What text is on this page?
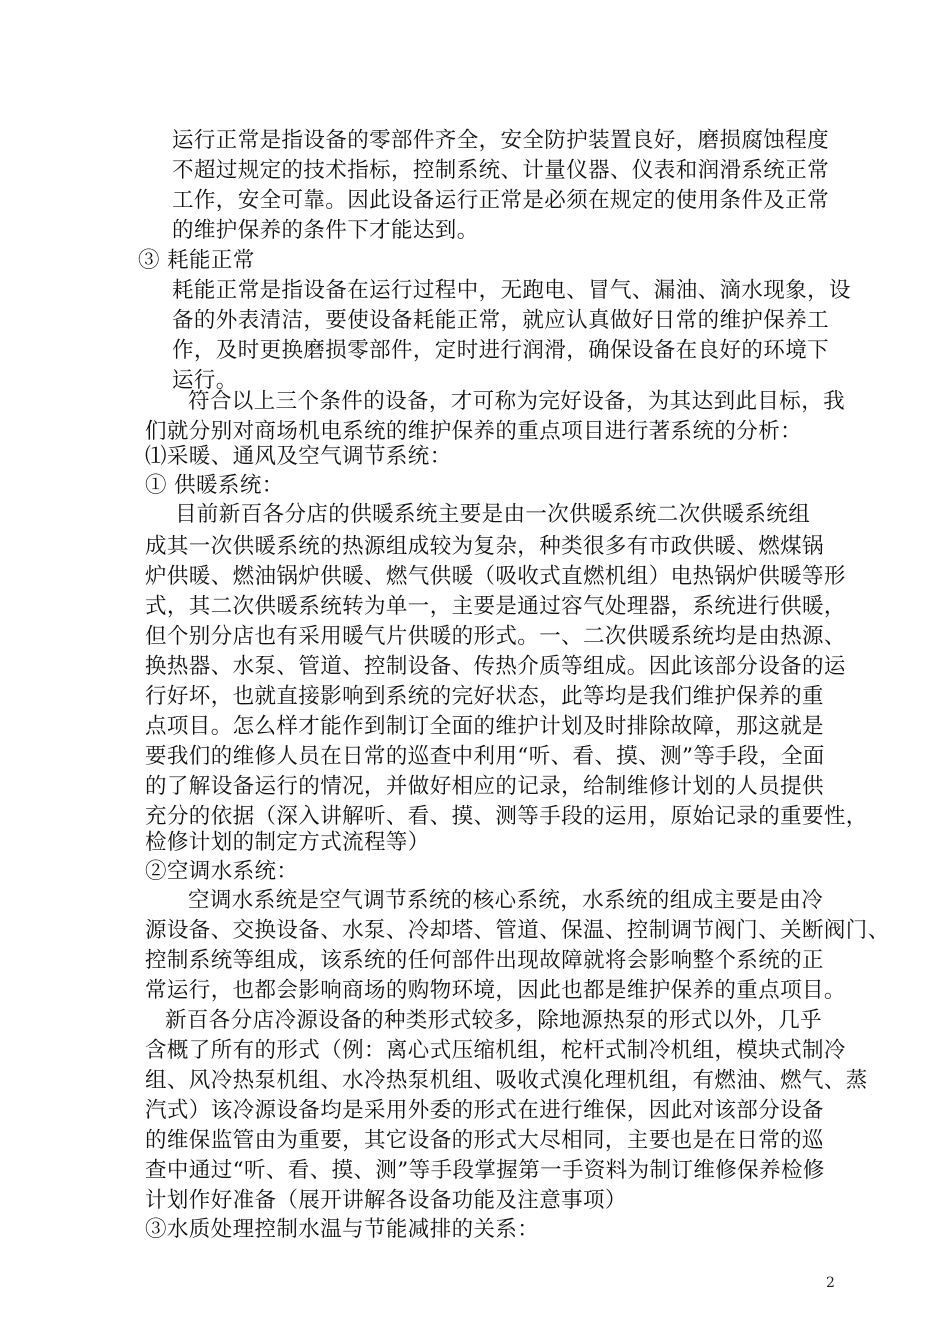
运行正常是指设备的零部件齐全，安全防护装置良好，磨损腐蚀程度
不超过规定的技术指标，控制系统、计量仪器、仪表和润滑系统正常
工作，安全可靠。因此设备运行正常是必须在规定的使用条件及正常
的维护保养的条件下才能达到。
③ 耗能正常
耗能正常是指设备在运行过程中，无跑电、冒气、漏油、滴水现象，设
备的外表清洁，要使设备耗能正常，就应认真做好日常的维护保养工
作，及时更换磨损零部件，定时进行润滑，确保设备在良好的环境下
运行。
符合以上三个条件的设备，才可称为完好设备，为其达到此目标，我
们就分别对商场机电系统的维护保养的重点项目进行著系统的分析：
⑴采暖、通风及空气调节系统：
① 供暖系统：
目前新百各分店的供暖系统主要是由一次供暖系统二次供暖系统组
成其一次供暖系统的热源组成较为复杂，种类很多有市政供暖、燃煤锅
炉供暖、燃油锅炉供暖、燃气供暖（吸收式直燃机组）电热锅炉供暖等形
式，其二次供暖系统转为单一，主要是通过容气处理器，系统进行供暖，
但个别分店也有采用暖气片供暖的形式。一、二次供暖系统均是由热源、
换热器、水泵、管道、控制设备、传热介质等组成。因此该部分设备的运
行好坏，也就直接影响到系统的完好状态，此等均是我们维护保养的重
点项目。怎么样才能作到制订全面的维护计划及时排除故障，那这就是
要我们的维修人员在日常的巡查中利用“听、看、摸、测”等手段，全面
的了解设备运行的情况，并做好相应的记录，给制维修计划的人员提供
充分的依据（深入讲解听、看、摸、测等手段的运用，原始记录的重要性，
检修计划的制定方式流程等）
②空调水系统：
空调水系统是空气调节系统的核心系统，水系统的组成主要是由冷
源设备、交换设备、水泵、冷却塔、管道、保温、控制调节阀门、关断阀门、
控制系统等组成，该系统的任何部件出现故障就将会影响整个系统的正
常运行，也都会影响商场的购物环境，因此也都是维护保养的重点项目。
新百各分店冷源设备的种类形式较多，除地源热泵的形式以外，几乎
含概了所有的形式（例：离心式压缩机组，柁杆式制冷机组，模块式制冷
组、风冷热泵机组、水冷热泵机组、吸收式溴化理机组，有燃油、燃气、蒸
汽式）该冷源设备均是采用外委的形式在进行维保，因此对该部分设备
的维保监管由为重要，其它设备的形式大尽相同，主要也是在日常的巡
查中通过“听、看、摸、测”等手段掌握第一手资料为制订维修保养检修
计划作好准备（展开讲解各设备功能及注意事项）
③水质处理控制水温与节能减排的关系：
2
